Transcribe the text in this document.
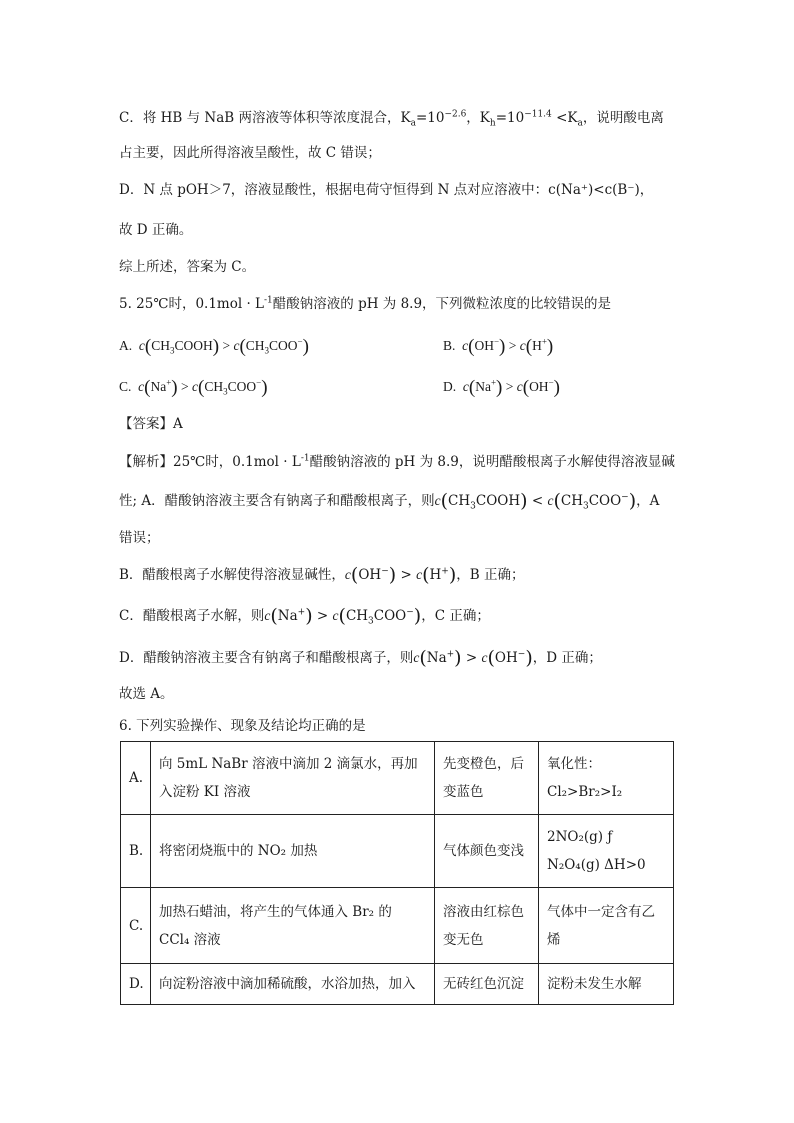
C．将 HB 与 NaB 两溶液等体积等浓度混合，$K_a=10^{-2.6}$，$K_h=10^{-11.4} <K_a$，说明酸电离
占主要，因此所得溶液呈酸性，故 C 错误；
D．N 点 pOH＞7，溶液显酸性，根据电荷守恒得到 N 点对应溶液中：c(Na⁺)<c(B⁻)，
故 D 正确。
综上所述，答案为 C。
5. 25℃时，$0.1mol \cdot L^{-1}$醋酸钠溶液的 pH 为 8.9，下列微粒浓度的比较错误的是
A. $c(CH_3COOH) > c(CH_3COO^-)$	B. c(OH−) > c(H+)
C. $c(Na^+) > c(CH_3COO^-)$	D. c(Na+) > c(OH−)
【答案】A
【解析】25℃时，$0.1mol \cdot L^{-1}$醋酸钠溶液的 pH 为 8.9，说明醋酸根离子水解使得溶液显碱
性; A．醋酸钠溶液主要含有钠离子和醋酸根离子，则$c(CH_3COOH) < c(CH_3COO^-)$，A
错误；
B．醋酸根离子水解使得溶液显碱性，c(OH−) > c(H+)，B 正确；
C．醋酸根离子水解，则$c(Na^+) > c(CH_3COO^-)$，C 正确；
D．醋酸钠溶液主要含有钠离子和醋酸根离子，则c(Na+) > c(OH−)，D 正确；
故选 A。
6. 下列实验操作、现象及结论均正确的是
A.	向 5mL NaBr 溶液中滴加 2 滴氯水，再加入淀粉 KI 溶液	先变橙色，后变蓝色	氧化性：Cl₂>Br₂>I₂
B.	将密闭烧瓶中的 NO₂ 加热	气体颜色变浅	2NO₂(g) ƒ N₂O₄(g) ΔH>0
C.	加热石蜡油，将产生的气体通入 Br₂ 的 CCl₄ 溶液	溶液由红棕色变无色	气体中一定含有乙烯
D.	向淀粉溶液中滴加稀硫酸，水浴加热，加入	无砖红色沉淀	淀粉未发生水解
